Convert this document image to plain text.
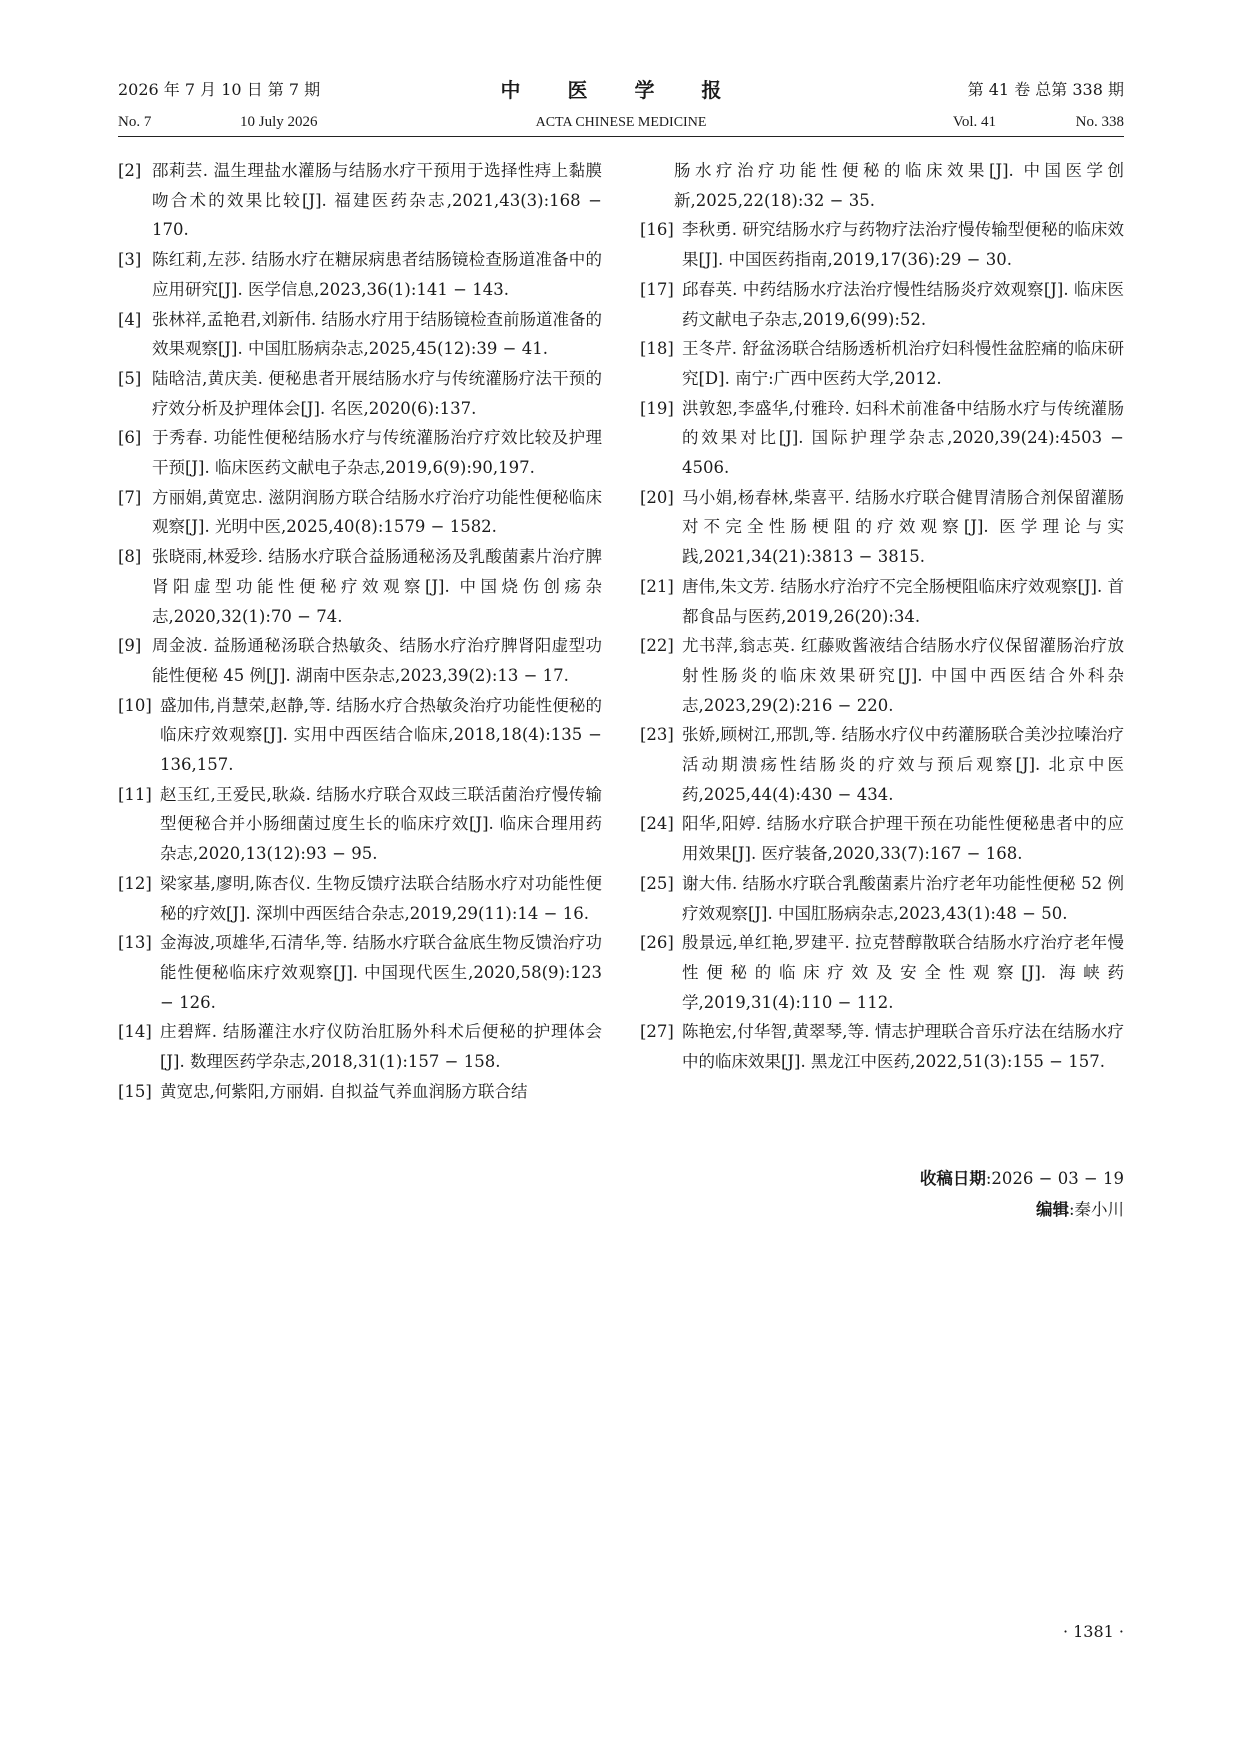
2026 年 7 月 10 日 第 7 期	中 医 学 报	第 41 卷 总第 338 期
No. 7	10 July 2026	ACTA CHINESE MEDICINE	Vol. 41	No. 338
[2] 邵莉芸. 温生理盐水灌肠与结肠水疗干预用于选择性痔上黏膜吻合术的效果比较[J]. 福建医药杂志,2021,43(3):168 − 170.
[3] 陈红莉,左莎. 结肠水疗在糖尿病患者结肠镜检查肠道准备中的应用研究[J]. 医学信息,2023,36(1):141 − 143.
[4] 张林祥,孟艳君,刘新伟. 结肠水疗用于结肠镜检查前肠道准备的效果观察[J]. 中国肛肠病杂志,2025,45(12):39 − 41.
[5] 陆晗洁,黄庆美. 便秘患者开展结肠水疗与传统灌肠疗法干预的疗效分析及护理体会[J]. 名医,2020(6):137.
[6] 于秀春. 功能性便秘结肠水疗与传统灌肠治疗疗效比较及护理干预[J]. 临床医药文献电子杂志,2019,6(9):90,197.
[7] 方丽娟,黄宽忠. 滋阴润肠方联合结肠水疗治疗功能性便秘临床观察[J]. 光明中医,2025,40(8):1579 − 1582.
[8] 张晓雨,林爱珍. 结肠水疗联合益肠通秘汤及乳酸菌素片治疗脾肾阳虚型功能性便秘疗效观察[J]. 中国烧伤创疡杂志,2020,32(1):70 − 74.
[9] 周金波. 益肠通秘汤联合热敏灸、结肠水疗治疗脾肾阳虚型功能性便秘 45 例[J]. 湖南中医杂志,2023,39(2):13 − 17.
[10] 盛加伟,肖慧荣,赵静,等. 结肠水疗合热敏灸治疗功能性便秘的临床疗效观察[J]. 实用中西医结合临床,2018,18(4):135 − 136,157.
[11] 赵玉红,王爱民,耿焱. 结肠水疗联合双歧三联活菌治疗慢传输型便秘合并小肠细菌过度生长的临床疗效[J]. 临床合理用药杂志,2020,13(12):93 − 95.
[12] 梁家基,廖明,陈杏仪. 生物反馈疗法联合结肠水疗对功能性便秘的疗效[J]. 深圳中西医结合杂志,2019,29(11):14 − 16.
[13] 金海波,项雄华,石清华,等. 结肠水疗联合盆底生物反馈治疗功能性便秘临床疗效观察[J]. 中国现代医生,2020,58(9):123 − 126.
[14] 庄碧辉. 结肠灌注水疗仪防治肛肠外科术后便秘的护理体会[J]. 数理医药学杂志,2018,31(1):157 − 158.
[15] 黄宽忠,何紫阳,方丽娟. 自拟益气养血润肠方联合结
肠水疗治疗功能性便秘的临床效果[J]. 中国医学创新,2025,22(18):32 − 35.
[16] 李秋勇. 研究结肠水疗与药物疗法治疗慢传输型便秘的临床效果[J]. 中国医药指南,2019,17(36):29 − 30.
[17] 邱春英. 中药结肠水疗法治疗慢性结肠炎疗效观察[J]. 临床医药文献电子杂志,2019,6(99):52.
[18] 王冬芹. 舒盆汤联合结肠透析机治疗妇科慢性盆腔痛的临床研究[D]. 南宁:广西中医药大学,2012.
[19] 洪敦恕,李盛华,付雅玲. 妇科术前准备中结肠水疗与传统灌肠的效果对比[J]. 国际护理学杂志,2020,39(24):4503 − 4506.
[20] 马小娟,杨春林,柴喜平. 结肠水疗联合健胃清肠合剂保留灌肠对不完全性肠梗阻的疗效观察[J]. 医学理论与实践,2021,34(21):3813 − 3815.
[21] 唐伟,朱文芳. 结肠水疗治疗不完全肠梗阻临床疗效观察[J]. 首都食品与医药,2019,26(20):34.
[22] 尤书萍,翁志英. 红藤败酱液结合结肠水疗仪保留灌肠治疗放射性肠炎的临床效果研究[J]. 中国中西医结合外科杂志,2023,29(2):216 − 220.
[23] 张娇,顾树江,邢凯,等. 结肠水疗仪中药灌肠联合美沙拉嗪治疗活动期溃疡性结肠炎的疗效与预后观察[J]. 北京中医药,2025,44(4):430 − 434.
[24] 阳华,阳婷. 结肠水疗联合护理干预在功能性便秘患者中的应用效果[J]. 医疗装备,2020,33(7):167 − 168.
[25] 谢大伟. 结肠水疗联合乳酸菌素片治疗老年功能性便秘 52 例疗效观察[J]. 中国肛肠病杂志,2023,43(1):48 − 50.
[26] 殷景远,单红艳,罗建平. 拉克替醇散联合结肠水疗治疗老年慢性便秘的临床疗效及安全性观察[J]. 海峡药学,2019,31(4):110 − 112.
[27] 陈艳宏,付华智,黄翠琴,等. 情志护理联合音乐疗法在结肠水疗中的临床效果[J]. 黑龙江中医药,2022,51(3):155 − 157.
收稿日期:2026 − 03 − 19
编辑:秦小川
· 1381 ·
